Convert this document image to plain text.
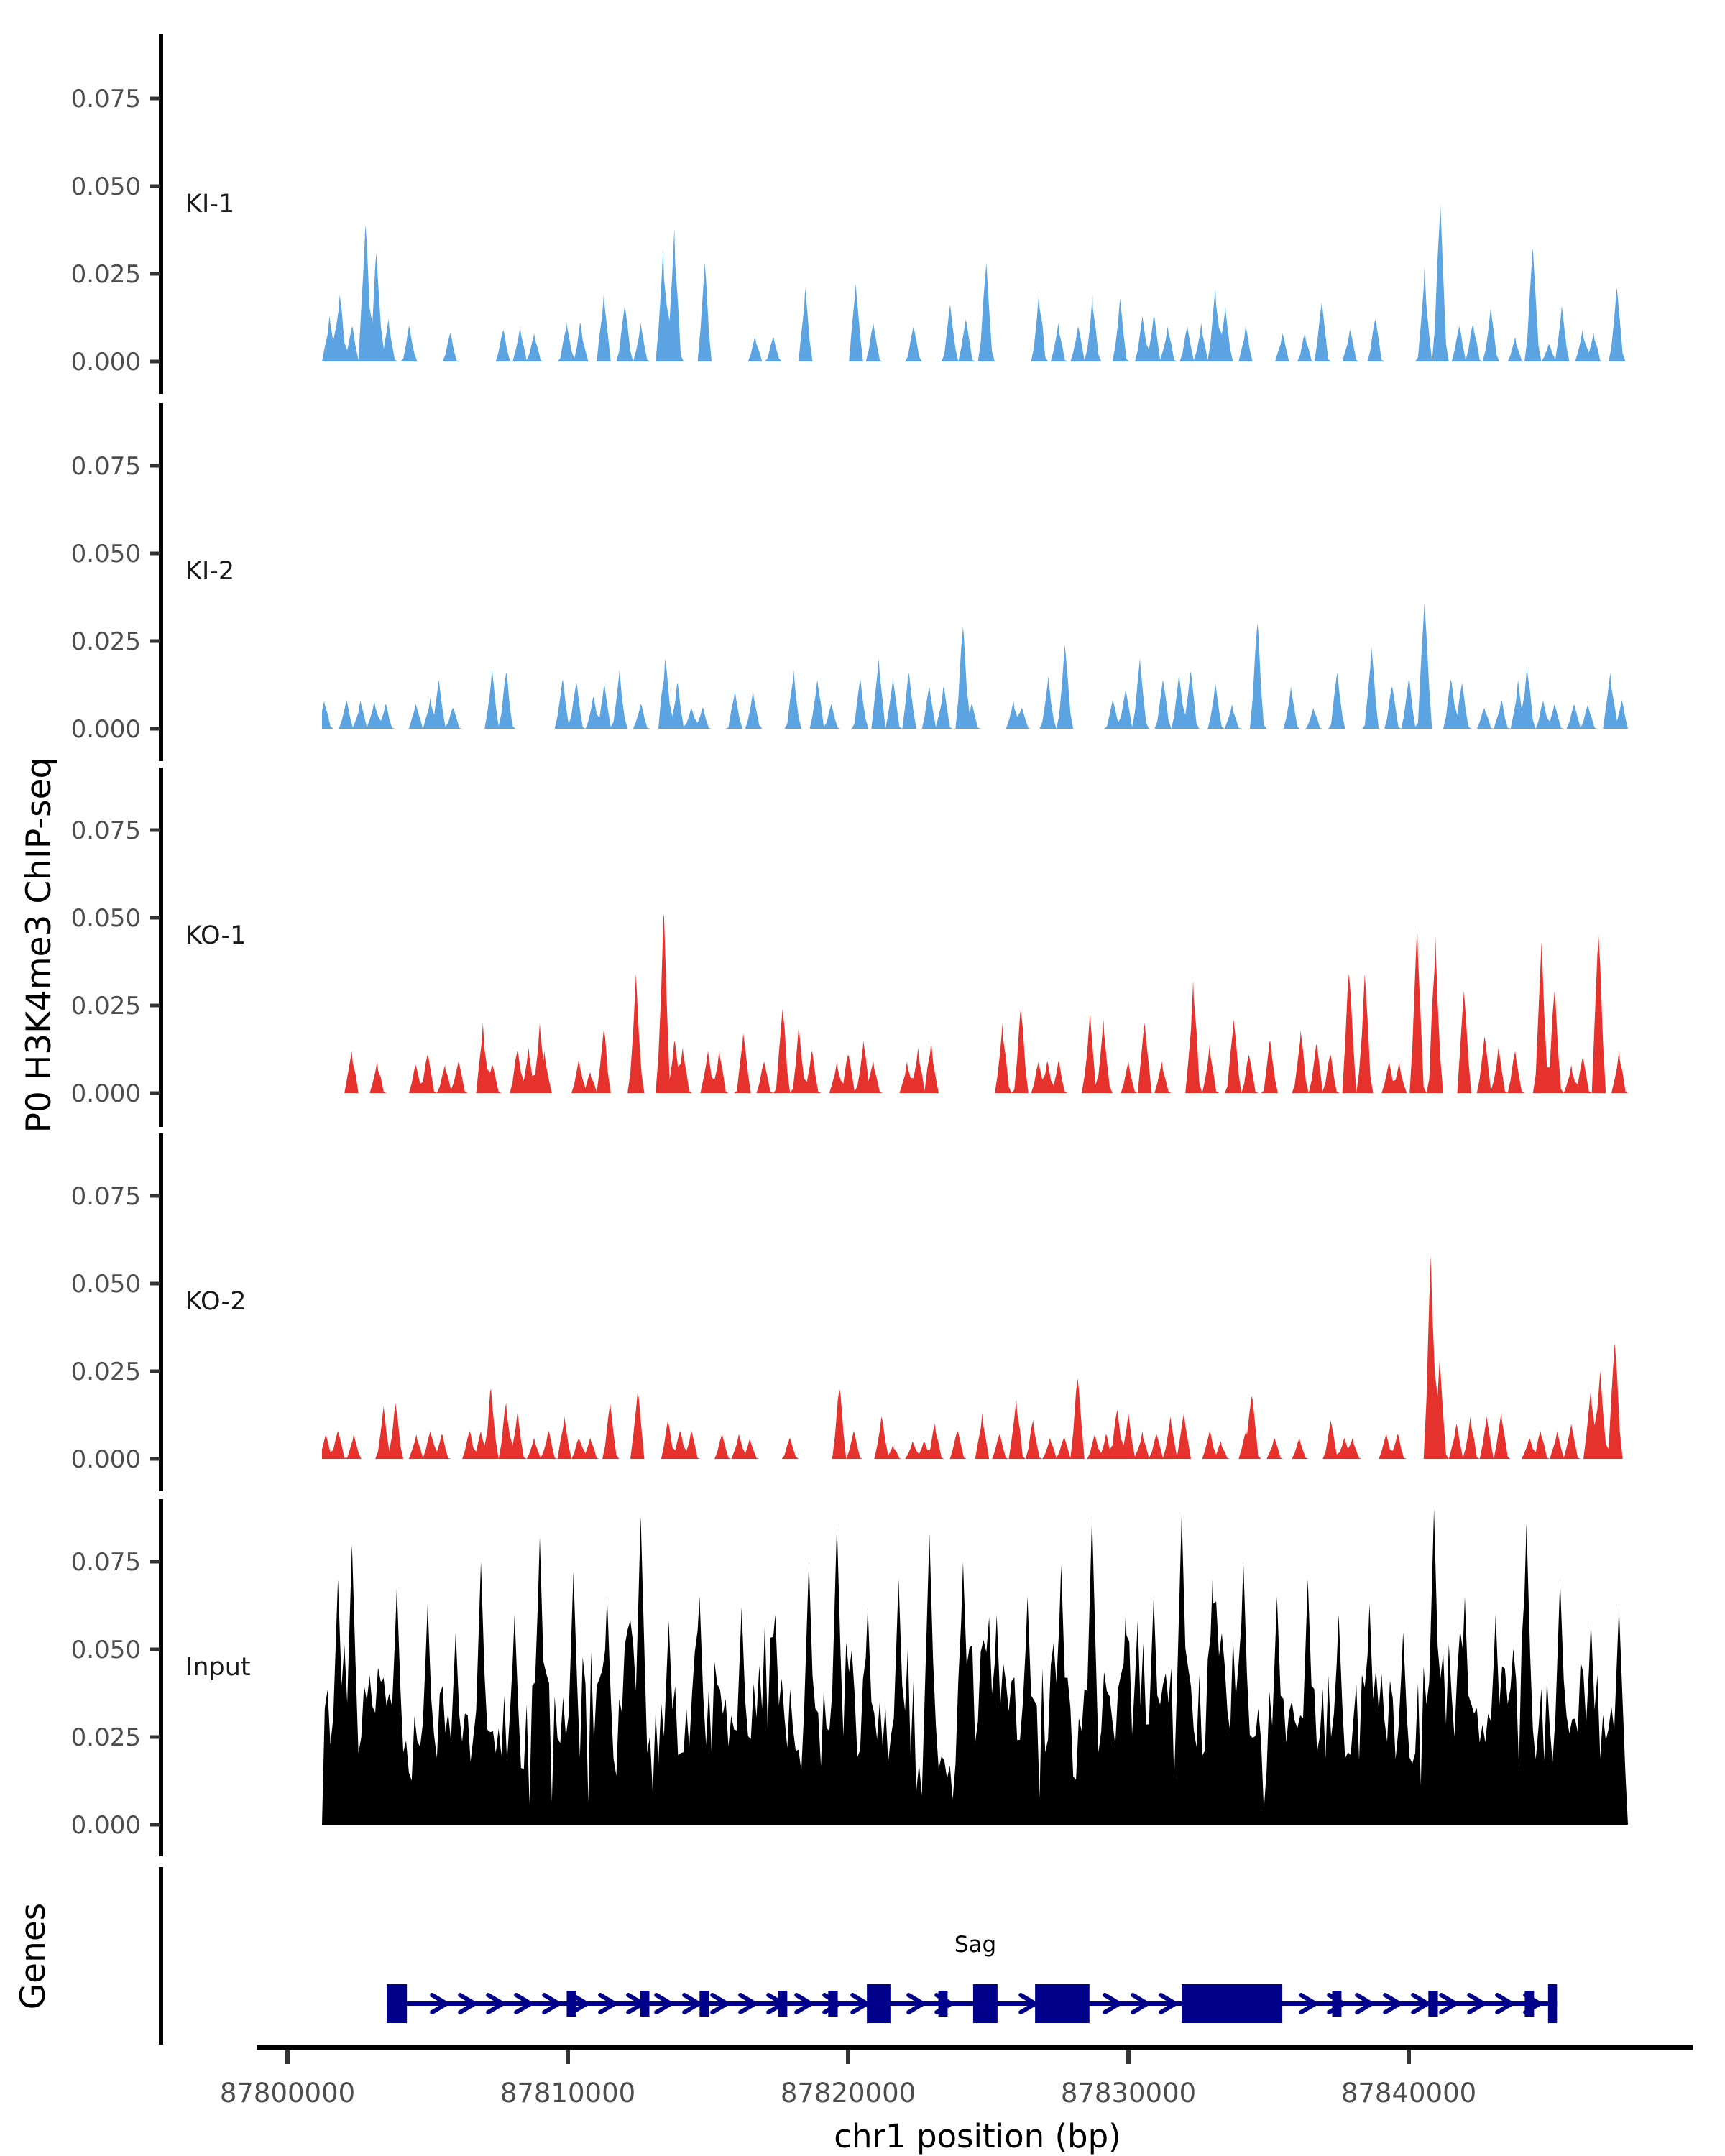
0.000
0.025
0.050
0.075
KI-1
0.000
0.025
0.050
0.075
KI-2
0.000
0.025
0.050
0.075
KO-1
0.000
0.025
0.050
0.075
KO-2
0.000
0.025
0.050
0.075
Input
Sag
87800000	87810000	87820000	87830000	87840000
chr1 position (bp)
P0 H3K4me3 ChIP-seq
Genes
